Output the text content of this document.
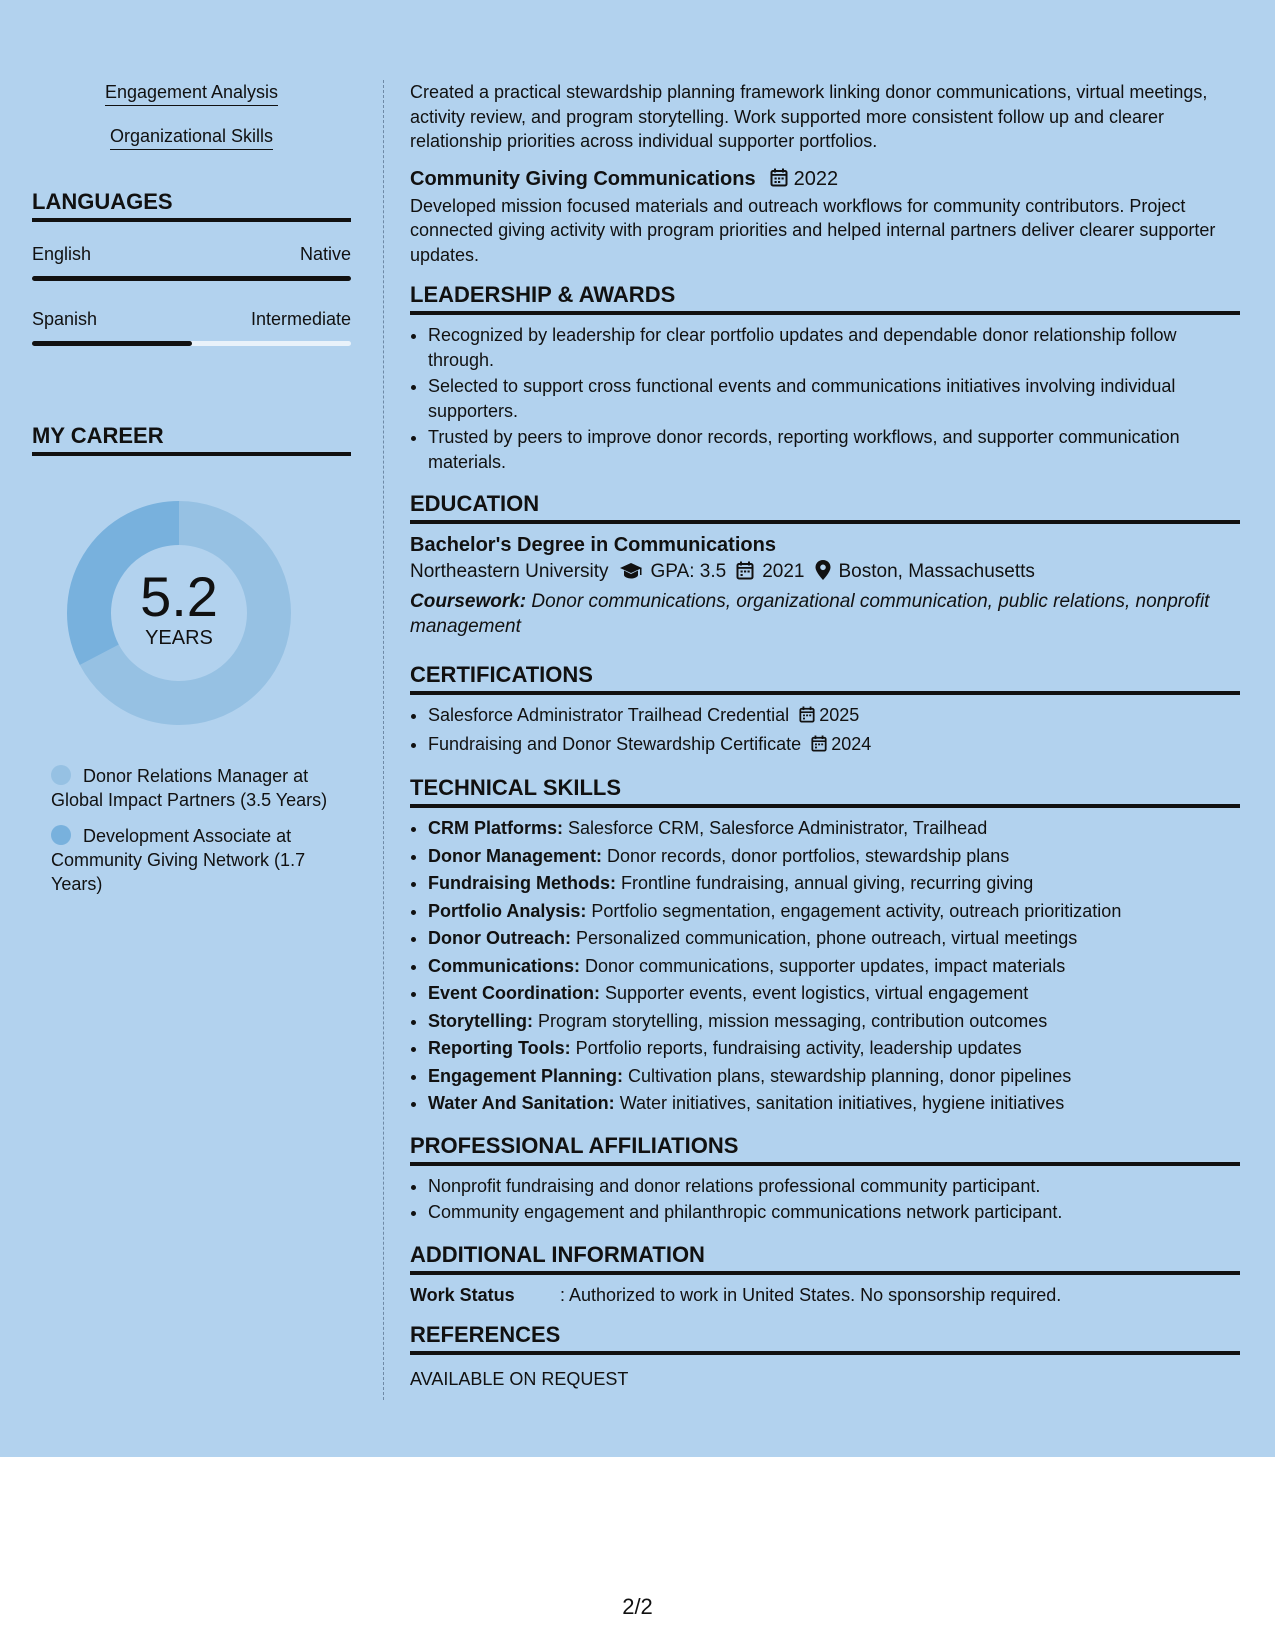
Engagement Analysis
Organizational Skills
LANGUAGES
English	Native
Spanish	Intermediate
MY CAREER
5.2
YEARS
Donor Relations Manager at Global Impact Partners (3.5 Years)
Development Associate at Community Giving Network (1.7 Years)

Created a practical stewardship planning framework linking donor communications, virtual meetings, activity review, and program storytelling. Work supported more consistent follow up and clearer relationship priorities across individual supporter portfolios.

Community Giving Communications 2022

Developed mission focused materials and outreach workflows for community contributors. Project connected giving activity with program priorities and helped internal partners deliver clearer supporter updates.

LEADERSHIP & AWARDS
• Recognized by leadership for clear portfolio updates and dependable donor relationship follow through.
• Selected to support cross functional events and communications initiatives involving individual supporters.
• Trusted by peers to improve donor records, reporting workflows, and supporter communication materials.
EDUCATION
Bachelor's Degree in Communications
Northeastern University GPA: 3.5 2021 Boston, Massachusetts
Coursework: Donor communications, organizational communication, public relations, nonprofit management
CERTIFICATIONS
• Salesforce Administrator Trailhead Credential 2025
• Fundraising and Donor Stewardship Certificate 2024
TECHNICAL SKILLS
• CRM Platforms: Salesforce CRM, Salesforce Administrator, Trailhead
• Donor Management: Donor records, donor portfolios, stewardship plans
• Fundraising Methods: Frontline fundraising, annual giving, recurring giving
• Portfolio Analysis: Portfolio segmentation, engagement activity, outreach prioritization
• Donor Outreach: Personalized communication, phone outreach, virtual meetings
• Communications: Donor communications, supporter updates, impact materials
• Event Coordination: Supporter events, event logistics, virtual engagement
• Storytelling: Program storytelling, mission messaging, contribution outcomes
• Reporting Tools: Portfolio reports, fundraising activity, leadership updates
• Engagement Planning: Cultivation plans, stewardship planning, donor pipelines
• Water And Sanitation: Water initiatives, sanitation initiatives, hygiene initiatives
PROFESSIONAL AFFILIATIONS
• Nonprofit fundraising and donor relations professional community participant.
• Community engagement and philanthropic communications network participant.
ADDITIONAL INFORMATION
Work Status	: Authorized to work in United States. No sponsorship required.
REFERENCES
AVAILABLE ON REQUEST
2/2
